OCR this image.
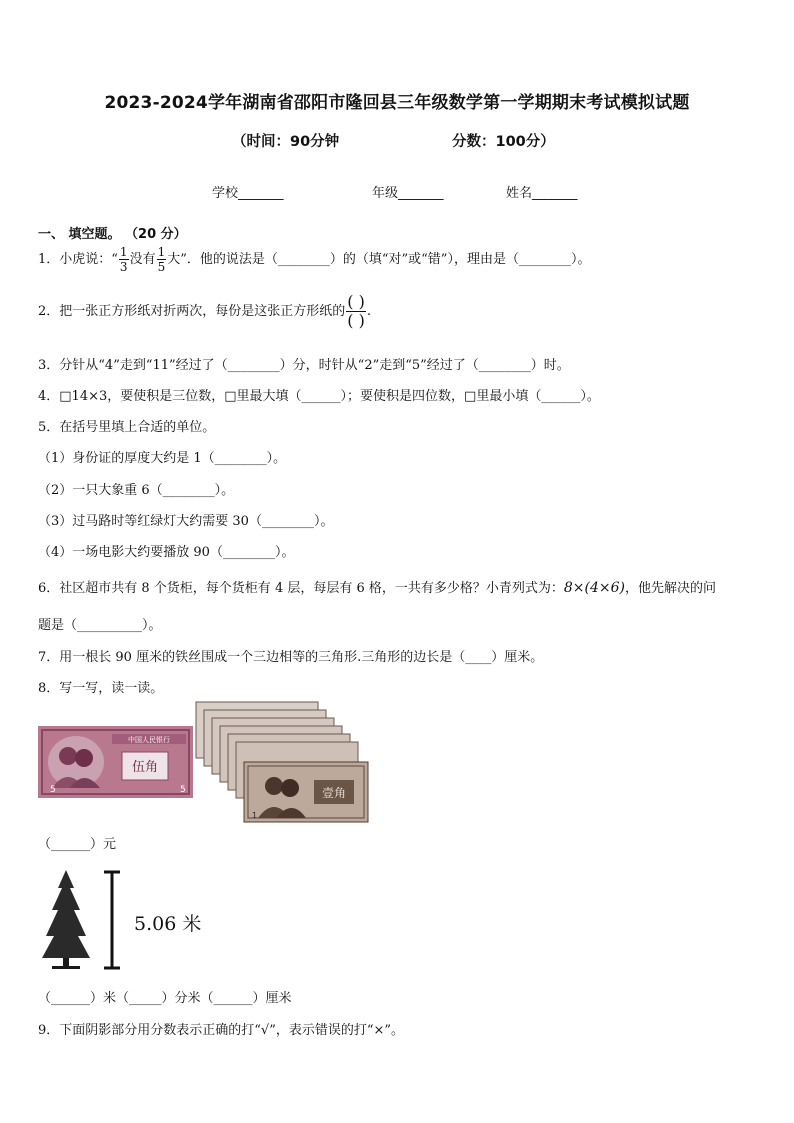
2023-2024学年湖南省邵阳市隆回县三年级数学第一学期期末考试模拟试题
（时间：90分钟	分数：100分）
学校_______	年级_______	姓名_______
一、 填空题。 （20 分）
1．小虎说：“ $\frac{1}{3}$ 没有 $\frac{1}{5}$ 大”．他的说法是（________）的（填“对”或“错”），理由是（________）。
2．把一张正方形纸对折两次，每份是这张正方形纸的 $\frac{( )}{( )}$ .
3．分针从“4”走到“11”经过了（________）分，时针从“2”走到“5”经过了（________）时。
4．□14×3，要使积是三位数，□里最大填（______）；要使积是四位数，□里最小填（______）。
5．在括号里填上合适的单位。
（1）身份证的厚度大约是 1（________）。
（2）一只大象重 6（________）。
（3）过马路时等红绿灯大约需要 30（________）。
（4）一场电影大约要播放 90（________）。
6．社区超市共有 8 个货柜，每个货柜有 4 层，每层有 6 格，一共有多少格？小青列式为：8×(4×6)，他先解决的问
题是（__________）。
7．用一根长 90 厘米的铁丝围成一个三边相等的三角形.三角形的边长是（____）厘米。
8．写一写，读一读。
中国人民银行
伍角
5	5	壹角
1
（______）元
5.06 米
（______）米（_____）分米（______）厘米
9．下面阴影部分用分数表示正确的打“√”，表示错误的打“×”。
